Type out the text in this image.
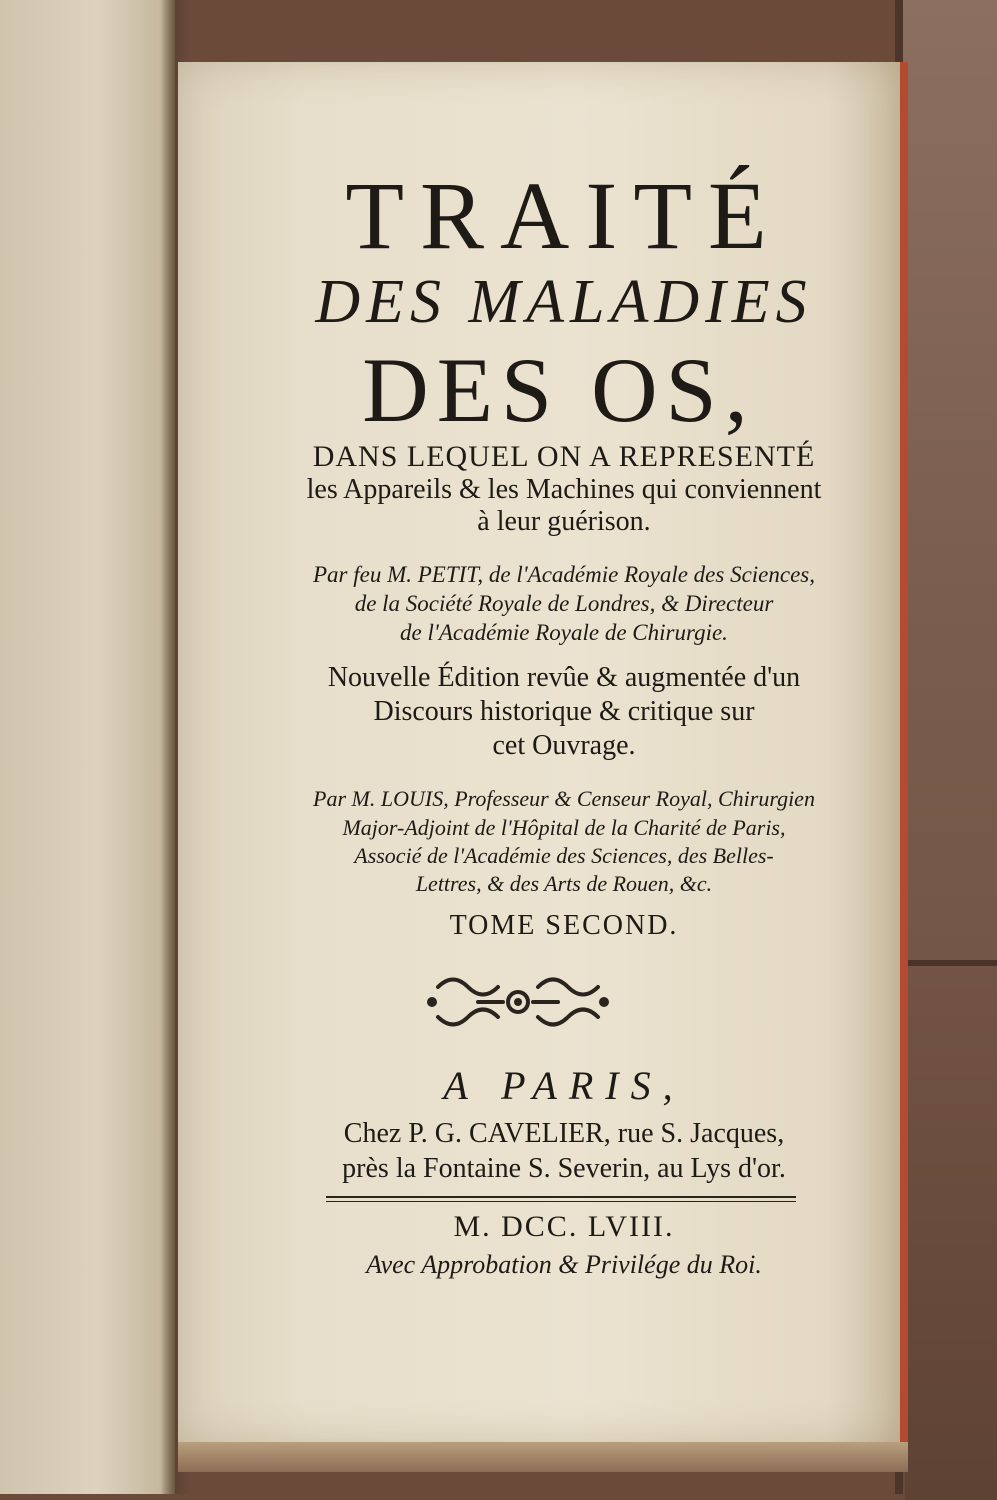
TRAITÉ
DES MALADIES
DES OS,
DANS LEQUEL ON A REPRESENTÉ
les Appareils & les Machines qui conviennent
à leur guérison.
Par feu M. PETIT, de l'Académie Royale des Sciences,
de la Société Royale de Londres, & Directeur
de l'Académie Royale de Chirurgie.
Nouvelle Édition revûe & augmentée d'un
Discours historique & critique sur
cet Ouvrage.
Par M. LOUIS, Professeur & Censeur Royal, Chirurgien
Major-Adjoint de l'Hôpital de la Charité de Paris,
Associé de l'Académie des Sciences, des Belles-
Lettres, & des Arts de Rouen, &c.
TOME SECOND.
A PARIS,
Chez P. G. CAVELIER, rue S. Jacques,
près la Fontaine S. Severin, au Lys d'or.
M. DCC. LVIII.
Avec Approbation & Privilége du Roi.
